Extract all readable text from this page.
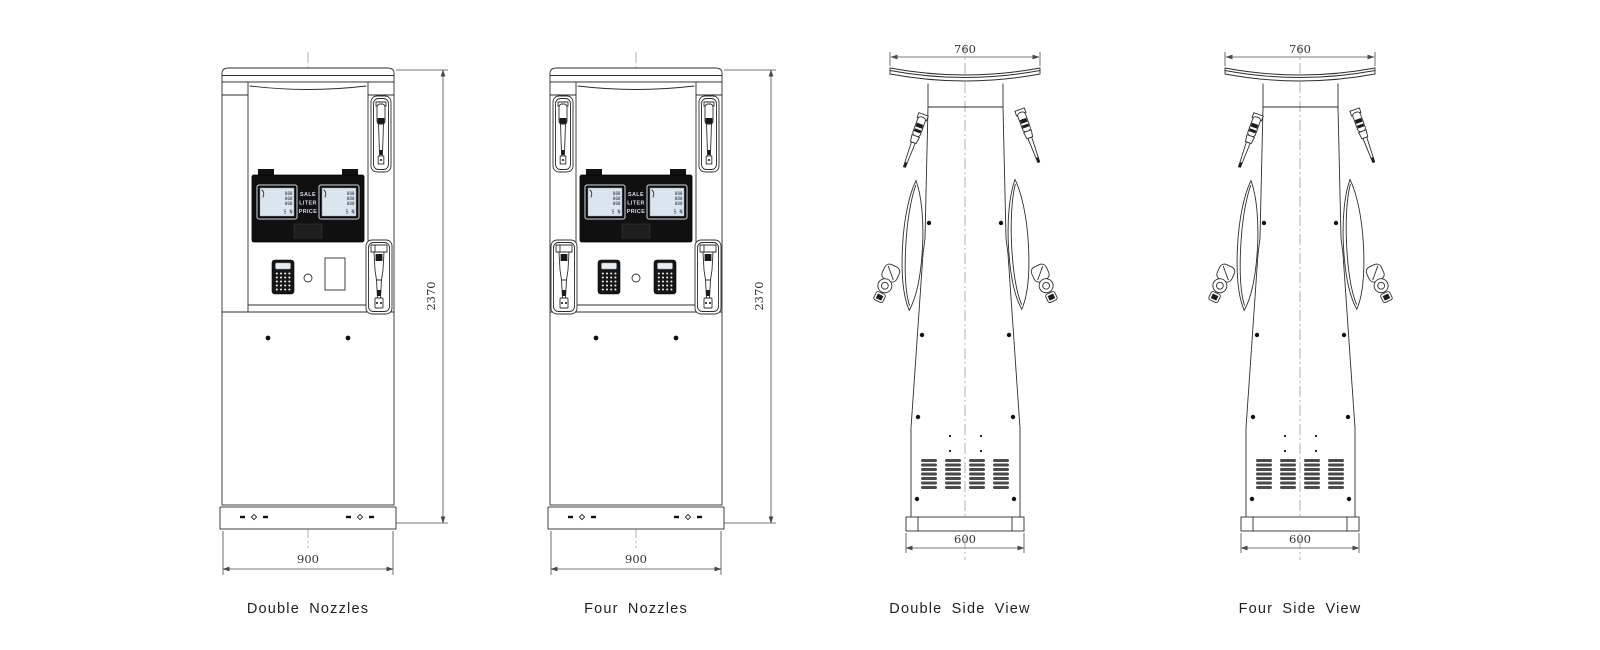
888
000
000
S N
888
000
000
S N
SALE
LITER
PRICE
2370
900
Double Nozzles
888
000
000
S N
888
000
000
S N
SALE
LITER
PRICE
2370
900
Four Nozzles
760
600
Double Side View
760
600
Four Side View
